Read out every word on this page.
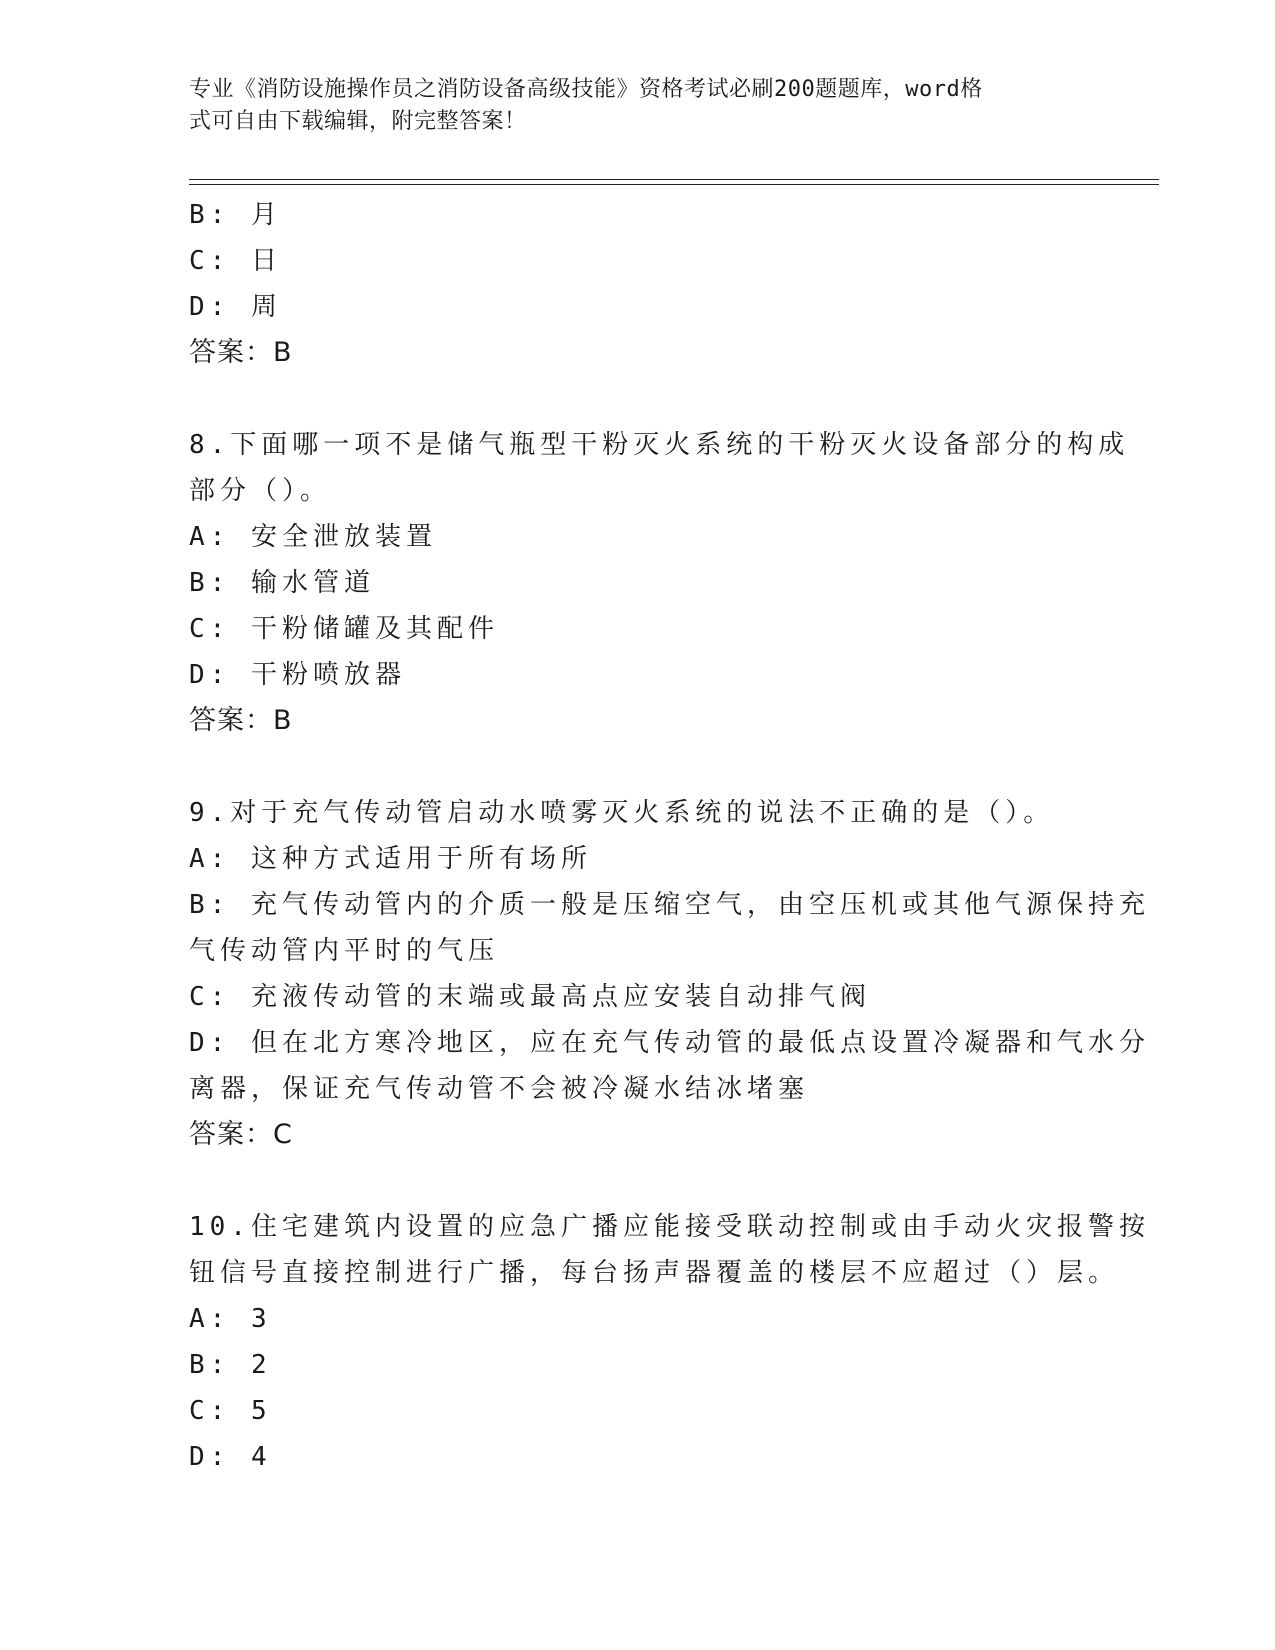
专业《消防设施操作员之消防设备高级技能》资格考试必刷200题题库，word格
式可自由下载编辑，附完整答案！
B: 月
C: 日
D: 周
答案：B
8.下面哪一项不是储气瓶型干粉灭火系统的干粉灭火设备部分的构成
部分（）。
A: 安全泄放装置
B: 输水管道
C: 干粉储罐及其配件
D: 干粉喷放器
答案：B
9.对于充气传动管启动水喷雾灭火系统的说法不正确的是（）。
A: 这种方式适用于所有场所
B: 充气传动管内的介质一般是压缩空气，由空压机或其他气源保持充
气传动管内平时的气压
C: 充液传动管的末端或最高点应安装自动排气阀
D: 但在北方寒冷地区，应在充气传动管的最低点设置冷凝器和气水分
离器，保证充气传动管不会被冷凝水结冰堵塞
答案：C
10.住宅建筑内设置的应急广播应能接受联动控制或由手动火灾报警按
钮信号直接控制进行广播，每台扬声器覆盖的楼层不应超过（）层。
A: 3
B: 2
C: 5
D: 4
